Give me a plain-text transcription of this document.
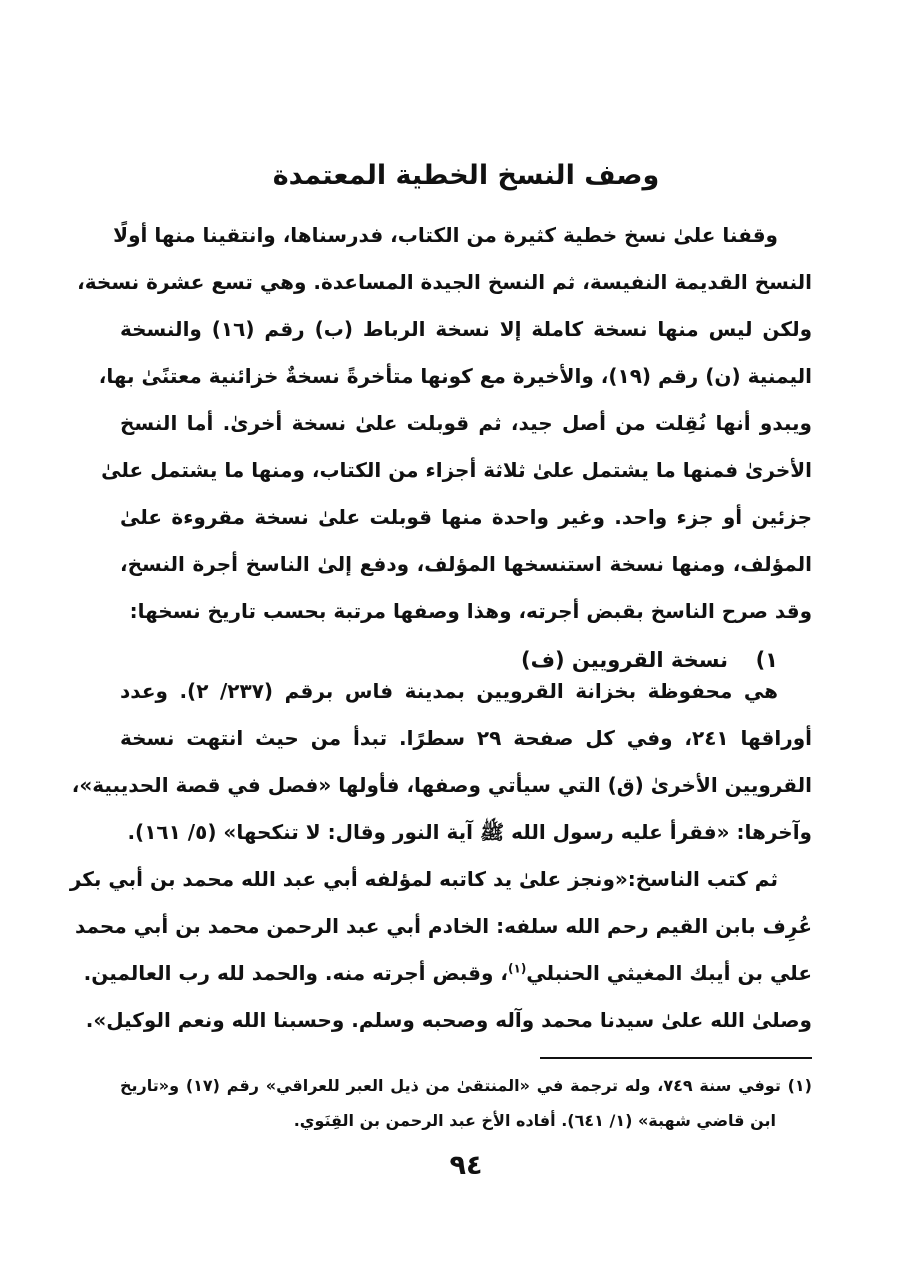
وصف النسخ الخطية المعتمدة
وقفنا علىٰ نسخ خطية كثيرة من الكتاب، فدرسناها، وانتقينا منها أولًا
النسخ القديمة النفيسة، ثم النسخ الجيدة المساعدة. وهي تسع عشرة نسخة،
ولكن ليس منها نسخة كاملة إلا نسخة الرباط (ب) رقم (١٦) والنسخة
اليمنية (ن) رقم (١٩)، والأخيرة مع كونها متأخرةً نسخةٌ خزائنية معتنًىٰ بها،
ويبدو أنها نُقِلت من أصل جيد، ثم قوبلت علىٰ نسخة أخرىٰ. أما النسخ
الأخرىٰ فمنها ما يشتمل علىٰ ثلاثة أجزاء من الكتاب، ومنها ما يشتمل علىٰ
جزئين أو جزء واحد. وغير واحدة منها قوبلت علىٰ نسخة مقروءة علىٰ
المؤلف، ومنها نسخة استنسخها المؤلف، ودفع إلىٰ الناسخ أجرة النسخ،
وقد صرح الناسخ بقبض أجرته، وهذا وصفها مرتبة بحسب تاريخ نسخها:
١)نسخة القرويين (ف)
هي محفوظة بخزانة القرويين بمدينة فاس برقم (٢٣٧/ ٢). وعدد
أوراقها ٢٤١، وفي كل صفحة ٢٩ سطرًا. تبدأ من حيث انتهت نسخة
القرويين الأخرىٰ (ق) التي سيأتي وصفها، فأولها «فصل في قصة الحديبية»،
وآخرها: «فقرأ عليه رسول الله ﷺ آية النور وقال: لا تنكحها» (٥/ ١٦١).
ثم كتب الناسخ:«ونجز علىٰ يد كاتبه لمؤلفه أبي عبد الله محمد بن أبي بكر
عُرِف بابن القيم رحم الله سلفه: الخادم أبي عبد الرحمن محمد بن أبي محمد
علي بن أيبك المغيثي الحنبلي$^{(١)}$، وقبض أجرته منه. والحمد لله رب العالمين.
وصلىٰ الله علىٰ سيدنا محمد وآله وصحبه وسلم. وحسبنا الله ونعم الوكيل».
(١) توفي سنة ٧٤٩، وله ترجمة في «المنتقىٰ من ذيل العبر للعراقي» رقم (١٧) و«تاريخ
ابن قاضي شهبة» (١/ ٦٤١). أفاده الأخ عبد الرحمن بن القِنَوي.
٩٤
